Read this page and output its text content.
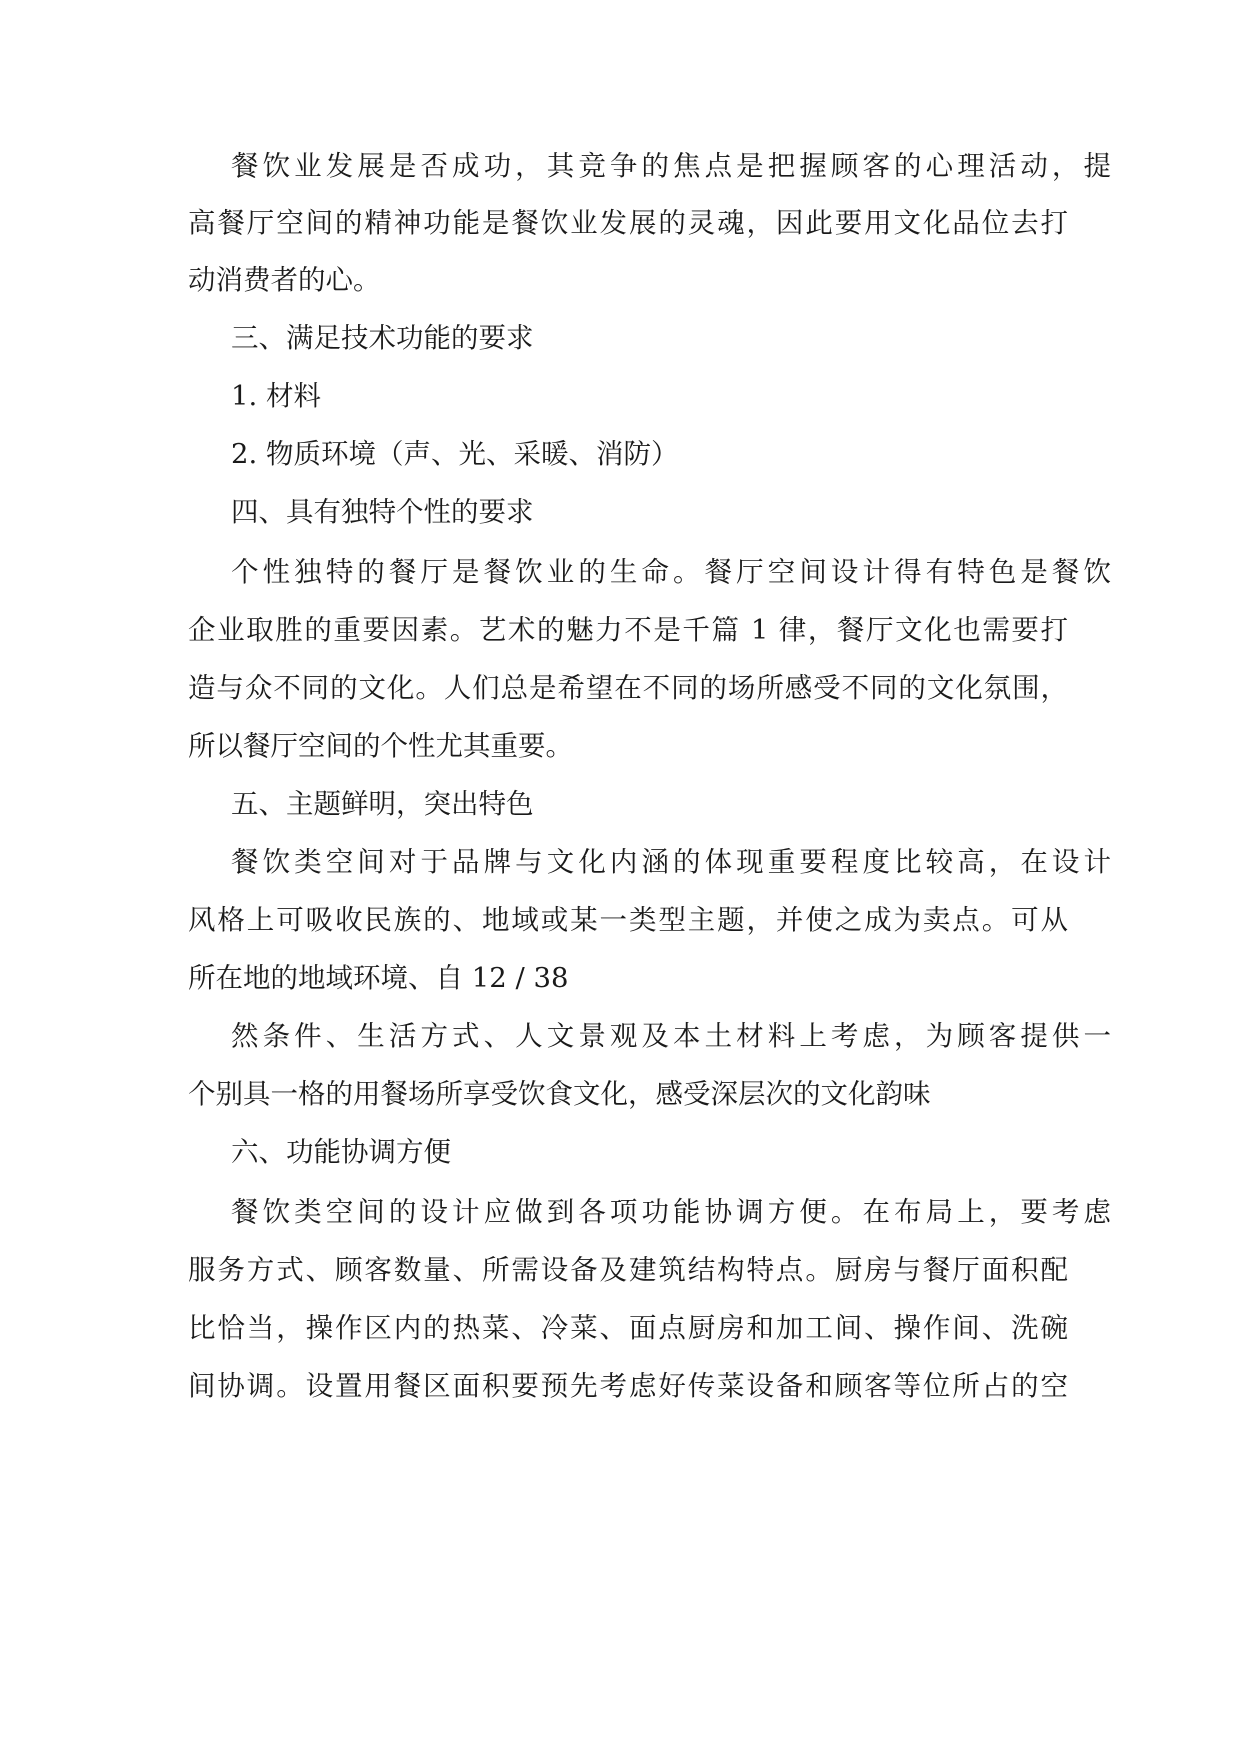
餐饮业发展是否成功，其竞争的焦点是把握顾客的心理活动，提
高餐厅空间的精神功能是餐饮业发展的灵魂，因此要用文化品位去打
动消费者的心。
三、满足技术功能的要求
1. 材料
2. 物质环境（声、光、采暖、消防）
四、具有独特个性的要求
个性独特的餐厅是餐饮业的生命。餐厅空间设计得有特色是餐饮
企业取胜的重要因素。艺术的魅力不是千篇 1 律，餐厅文化也需要打
造与众不同的文化。人们总是希望在不同的场所感受不同的文化氛围，
所以餐厅空间的个性尤其重要。
五、主题鲜明，突出特色
餐饮类空间对于品牌与文化内涵的体现重要程度比较高，在设计
风格上可吸收民族的、地域或某一类型主题，并使之成为卖点。可从
所在地的地域环境、自 12 / 38
然条件、生活方式、人文景观及本土材料上考虑，为顾客提供一
个别具一格的用餐场所享受饮食文化，感受深层次的文化韵味
六、功能协调方便
餐饮类空间的设计应做到各项功能协调方便。在布局上，要考虑
服务方式、顾客数量、所需设备及建筑结构特点。厨房与餐厅面积配
比恰当，操作区内的热菜、冷菜、面点厨房和加工间、操作间、洗碗
间协调。设置用餐区面积要预先考虑好传菜设备和顾客等位所占的空
